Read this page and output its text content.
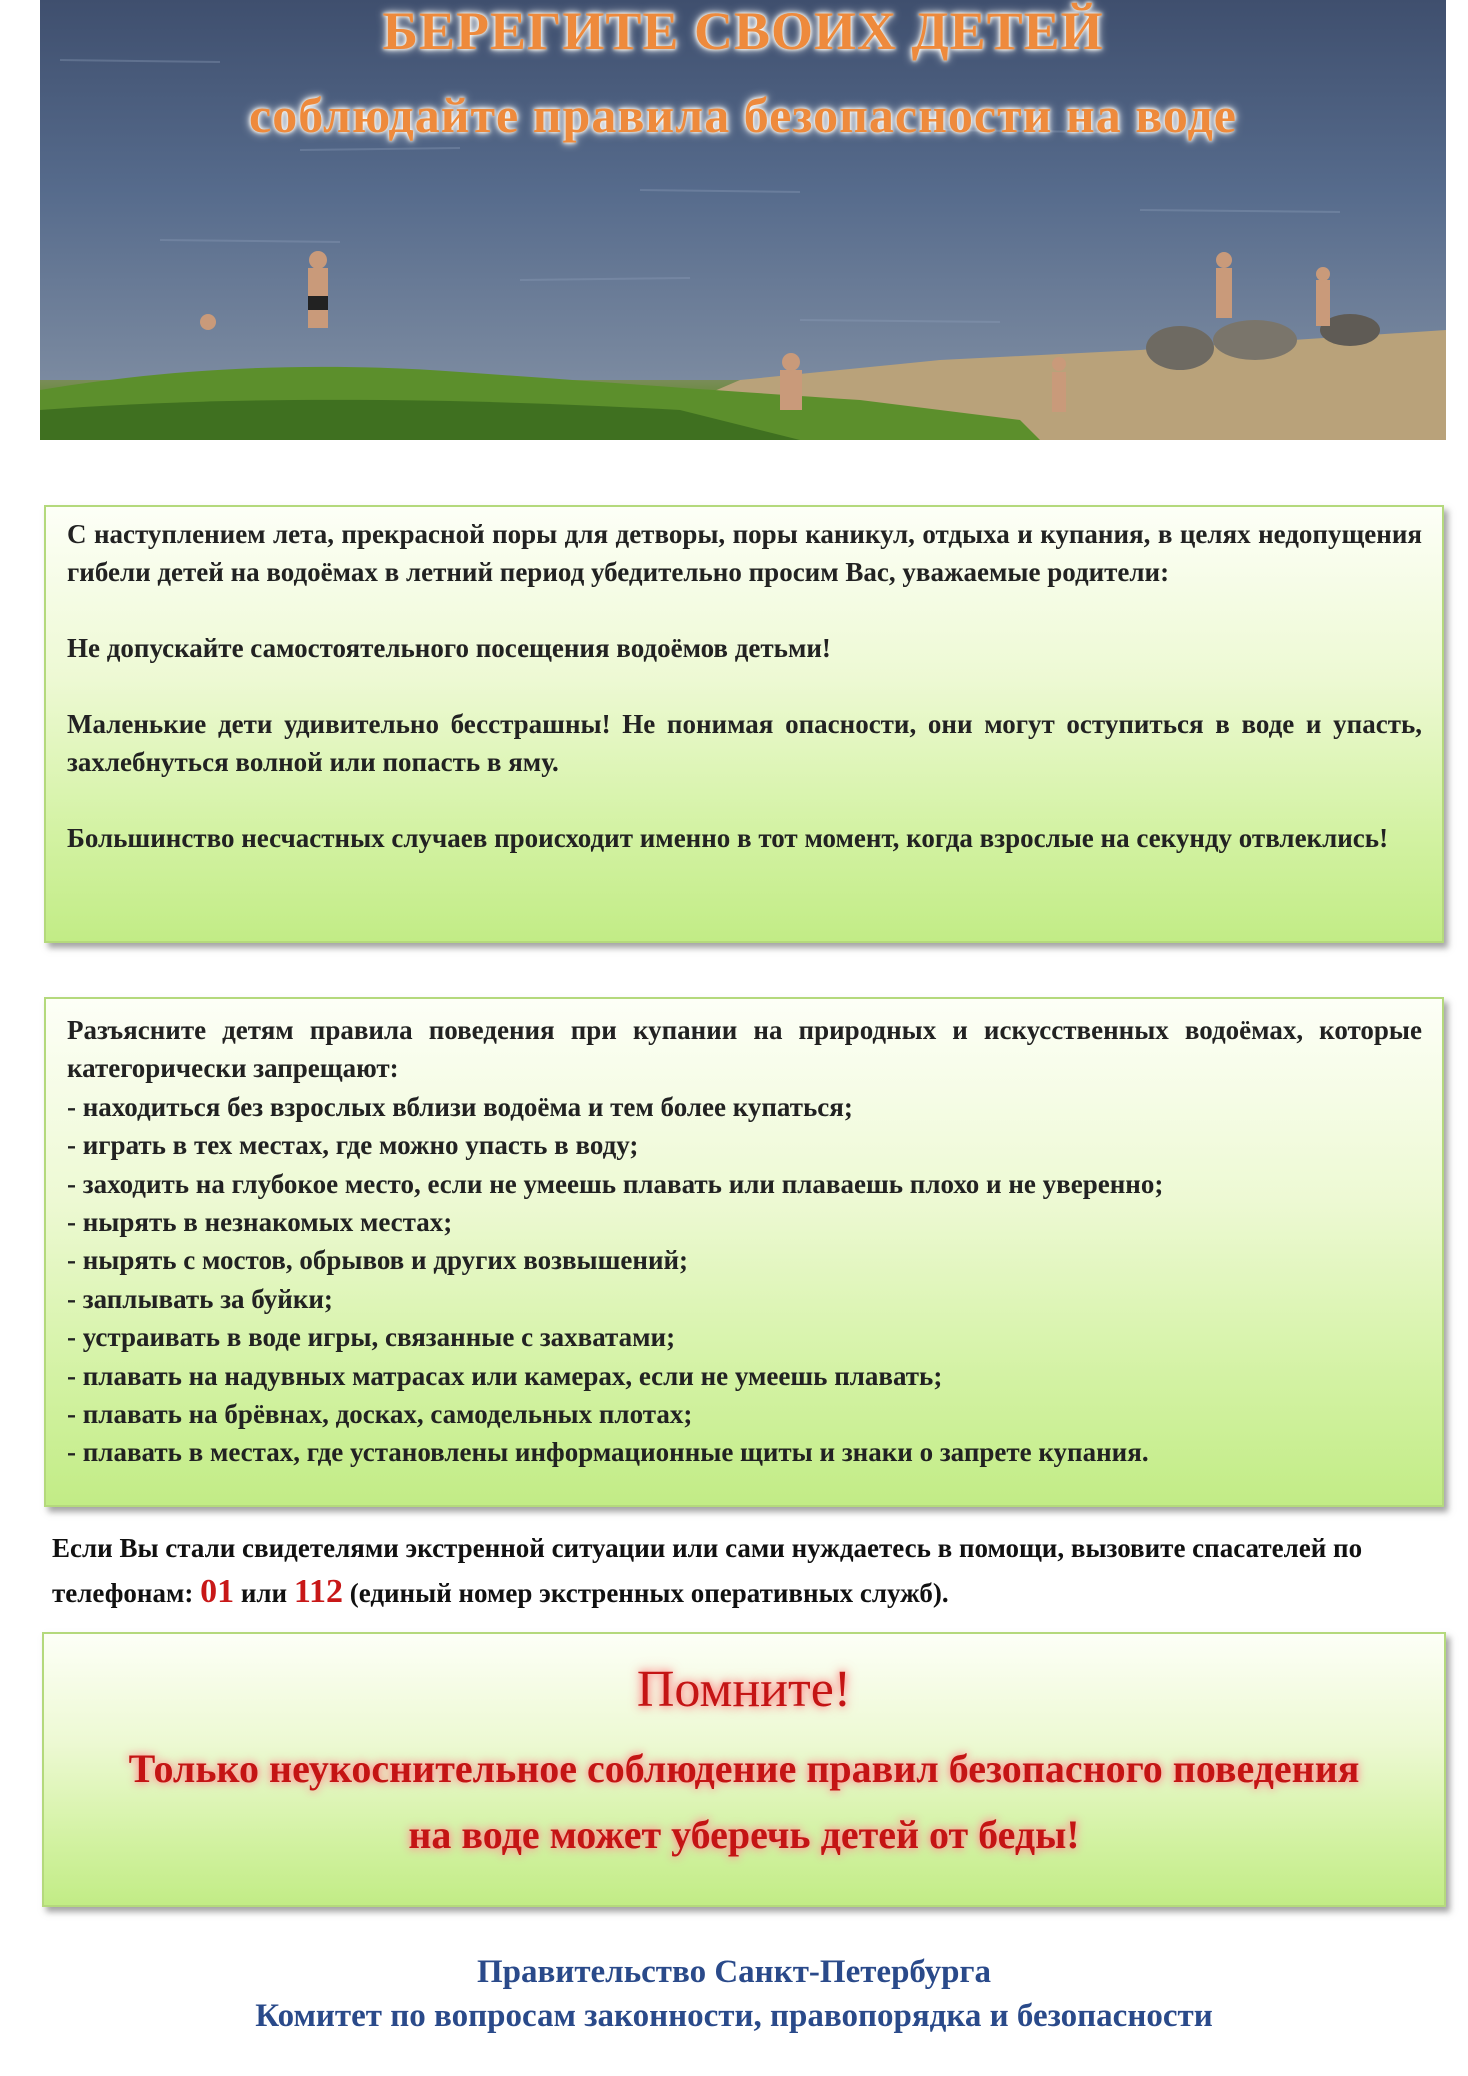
БЕРЕГИТЕ СВОИХ ДЕТЕЙ
соблюдайте правила безопасности на воде

С наступлением лета, прекрасной поры для детворы, поры каникул, отдыха и купания, в целях недопущения гибели детей на водоёмах в летний период убедительно просим Вас, уважаемые родители:

Не допускайте самостоятельного посещения водоёмов детьми!

Маленькие дети удивительно бесстрашны! Не понимая опасности, они могут оступиться в воде и упасть, захлебнуться волной или попасть в яму.

Большинство несчастных случаев происходит именно в тот момент, когда взрослые на секунду отвлеклись!

Разъясните детям правила поведения при купании на природных и искусственных водоёмах, которые категорически запрещают:

- находиться без взрослых вблизи водоёма и тем более купаться;
- играть в тех местах, где можно упасть в воду;
- заходить на глубокое место, если не умеешь плавать или плаваешь плохо и не уверенно;
- нырять в незнакомых местах;
- нырять с мостов, обрывов и других возвышений;
- заплывать за буйки;
- устраивать в воде игры, связанные с захватами;
- плавать на надувных матрасах или камерах, если не умеешь плавать;
- плавать на брёвнах, досках, самодельных плотах;
- плавать в местах, где установлены информационные щиты и знаки о запрете купания.
Если Вы стали свидетелями экстренной ситуации или сами нуждаетесь в помощи, вызовите спасателей по телефонам: 01 или 112 (единый номер экстренных оперативных служб).
Помните!
Только неукоснительное соблюдение правил безопасного поведения
на воде может уберечь детей от беды!
Правительство Санкт-Петербурга
Комитет по вопросам законности, правопорядка и безопасности
